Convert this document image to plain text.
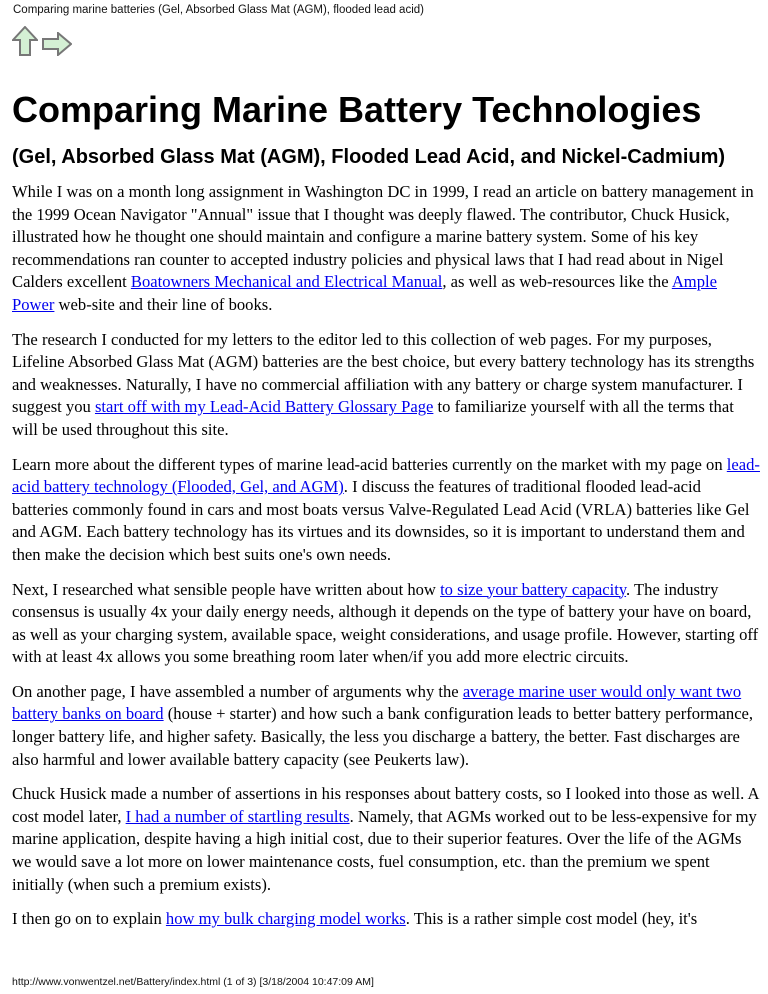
Comparing marine batteries (Gel, Absorbed Glass Mat (AGM), flooded lead acid)
Comparing Marine Battery Technologies
(Gel, Absorbed Glass Mat (AGM), Flooded Lead Acid, and Nickel-Cadmium)

While I was on a month long assignment in Washington DC in 1999, I read an article on battery management in the 1999 Ocean Navigator "Annual" issue that I thought was deeply flawed. The contributor, Chuck Husick, illustrated how he thought one should maintain and configure a marine battery system. Some of his key recommendations ran counter to accepted industry policies and physical laws that I had read about in Nigel Calders excellent Boatowners Mechanical and Electrical Manual, as well as web-resources like the Ample Power web-site and their line of books.

The research I conducted for my letters to the editor led to this collection of web pages. For my purposes, Lifeline Absorbed Glass Mat (AGM) batteries are the best choice, but every battery technology has its strengths and weaknesses. Naturally, I have no commercial affiliation with any battery or charge system manufacturer. I suggest you start off with my Lead-Acid Battery Glossary Page to familiarize yourself with all the terms that will be used throughout this site.

Learn more about the different types of marine lead-acid batteries currently on the market with my page on lead-acid battery technology (Flooded, Gel, and AGM). I discuss the features of traditional flooded lead-acid batteries commonly found in cars and most boats versus Valve-Regulated Lead Acid (VRLA) batteries like Gel and AGM. Each battery technology has its virtues and its downsides, so it is important to understand them and then make the decision which best suits one's own needs.

Next, I researched what sensible people have written about how to size your battery capacity. The industry consensus is usually 4x your daily energy needs, although it depends on the type of battery your have on board, as well as your charging system, available space, weight considerations, and usage profile. However, starting off with at least 4x allows you some breathing room later when/if you add more electric circuits.

On another page, I have assembled a number of arguments why the average marine user would only want two battery banks on board (house + starter) and how such a bank configuration leads to better battery performance, longer battery life, and higher safety. Basically, the less you discharge a battery, the better. Fast discharges are also harmful and lower available battery capacity (see Peukerts law).

Chuck Husick made a number of assertions in his responses about battery costs, so I looked into those as well. A cost model later, I had a number of startling results. Namely, that AGMs worked out to be less-expensive for my marine application, despite having a high initial cost, due to their superior features. Over the life of the AGMs we would save a lot more on lower maintenance costs, fuel consumption, etc. than the premium we spent initially (when such a premium exists).

I then go on to explain how my bulk charging model works. This is a rather simple cost model (hey, it's

http://www.vonwentzel.net/Battery/index.html (1 of 3) [3/18/2004 10:47:09 AM]
